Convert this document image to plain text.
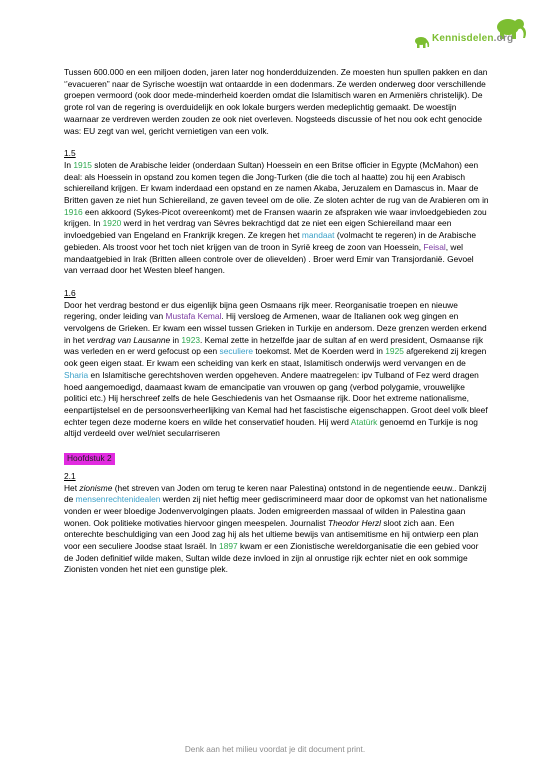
Kennisdelen.org

Tussen 600.000 en een miljoen doden, jaren later nog honderdduizenden. Ze moesten hun spullen pakken en dan ‘’evacueren” naar de Syrische woestijn wat ontaardde in een dodenmars. Ze werden onderweg door verschillende groepen vermoord (ook door mede-minderheid koerden omdat die Islamitisch waren en Armeniërs christelijk). De grote rol van de regering is overduidelijk en ook lokale burgers werden medeplichtig gemaakt. De woestijn waarnaar ze verdreven werden zouden ze ook niet overleven. Nogsteeds discussie of het nou ook echt genocide was: EU zegt van wel, gericht vernietigen van een volk.

1.5

In 1915 sloten de Arabische leider (onderdaan Sultan) Hoessein en een Britse officier in Egypte (McMahon) een deal: als Hoessein in opstand zou komen tegen die Jong-Turken (die die toch al haatte) zou hij een Arabisch schiereiland krijgen. Er kwam inderdaad een opstand en ze namen Akaba, Jeruzalem en Damascus in. Maar de Britten gaven ze niet hun Schiereiland, ze gaven teveel om de olie. Ze sloten achter de rug van de Arabieren om in 1916 een akkoord (Sykes-Picot overeenkomt) met de Fransen waarin ze afspraken wie waar invloedgebieden zou krijgen. In 1920 werd in het verdrag van Sèvres bekrachtigd dat ze niet een eigen Schiereiland maar een invloedgebied van Engeland en Frankrijk kregen. Ze kregen het mandaat (volmacht te regeren) in de Arabische gebieden. Als troost voor het toch niet krijgen van de troon in Syrië kreeg de zoon van Hoessein, Feisal, wel mandaatgebied in Irak (Britten alleen controle over de olievelden) . Broer werd Emir van Transjordanië. Gevoel van verraad door het Westen bleef hangen.

1.6

Door het verdrag bestond er dus eigenlijk bijna geen Osmaans rijk meer. Reorganisatie troepen en nieuwe regering, onder leiding van Mustafa Kemal. Hij versloeg de Armenen, waar de Italianen ook weg gingen en vervolgens de Grieken. Er kwam een wissel tussen Grieken in Turkije en andersom. Deze grenzen werden erkend in het verdrag van Lausanne in 1923. Kemal zette in hetzelfde jaar de sultan af en werd president, Osmaanse rijk was verleden en er werd gefocust op een seculiere toekomst. Met de Koerden werd in 1925 afgerekend zij kregen ook geen eigen staat. Er kwam een scheiding van kerk en staat, Islamitisch onderwijs werd vervangen en de Sharia en Islamitische gerechtshoven werden opgeheven. Andere maatregelen: ipv Tulband of Fez werd dragen hoed aangemoedigd, daamaast kwam de emancipatie van vrouwen op gang (verbod polygamie, vrouwelijke politici etc.) Hij herschreef zelfs de hele Geschiedenis van het Osmaanse rijk. Door het extreme nationalisme, eenpartijstelsel en de persoonsverheerlijking van Kemal had het fascistische eigenschappen. Groot deel volk bleef echter tegen deze moderne koers en wilde het conservatief houden. Hij werd Atatürk genoemd en Turkije is nog altijd verdeeld over wel/niet secularriseren

Hoofdstuk 2

2.1

Het zionisme (het streven van Joden om terug te keren naar Palestina) ontstond in de negentiende eeuw.. Dankzij de mensenrechtenidealen werden zij niet heftig meer gediscrimineerd maar door de opkomst van het nationalisme vonden er weer bloedige Jodenvervolgingen plaats. Joden emigreerden massaal of wilden in Palestina gaan wonen. Ook politieke motivaties hiervoor gingen meespelen. Journalist Theodor Herzl sloot zich aan. Een onterechte beschuldiging van een Jood zag hij als het ultieme bewijs van antisemitisme en hij ontwierp een plan voor een seculiere Joodse staat Israël. In 1897 kwam er een Zionistische wereldorganisatie die een gebied voor de Joden definitief wilde maken, Sultan wilde deze invloed in zijn al onrustige rijk echter niet en ook sommige Zionisten vonden het niet een gunstige plek.

Denk aan het milieu voordat je dit document print.
